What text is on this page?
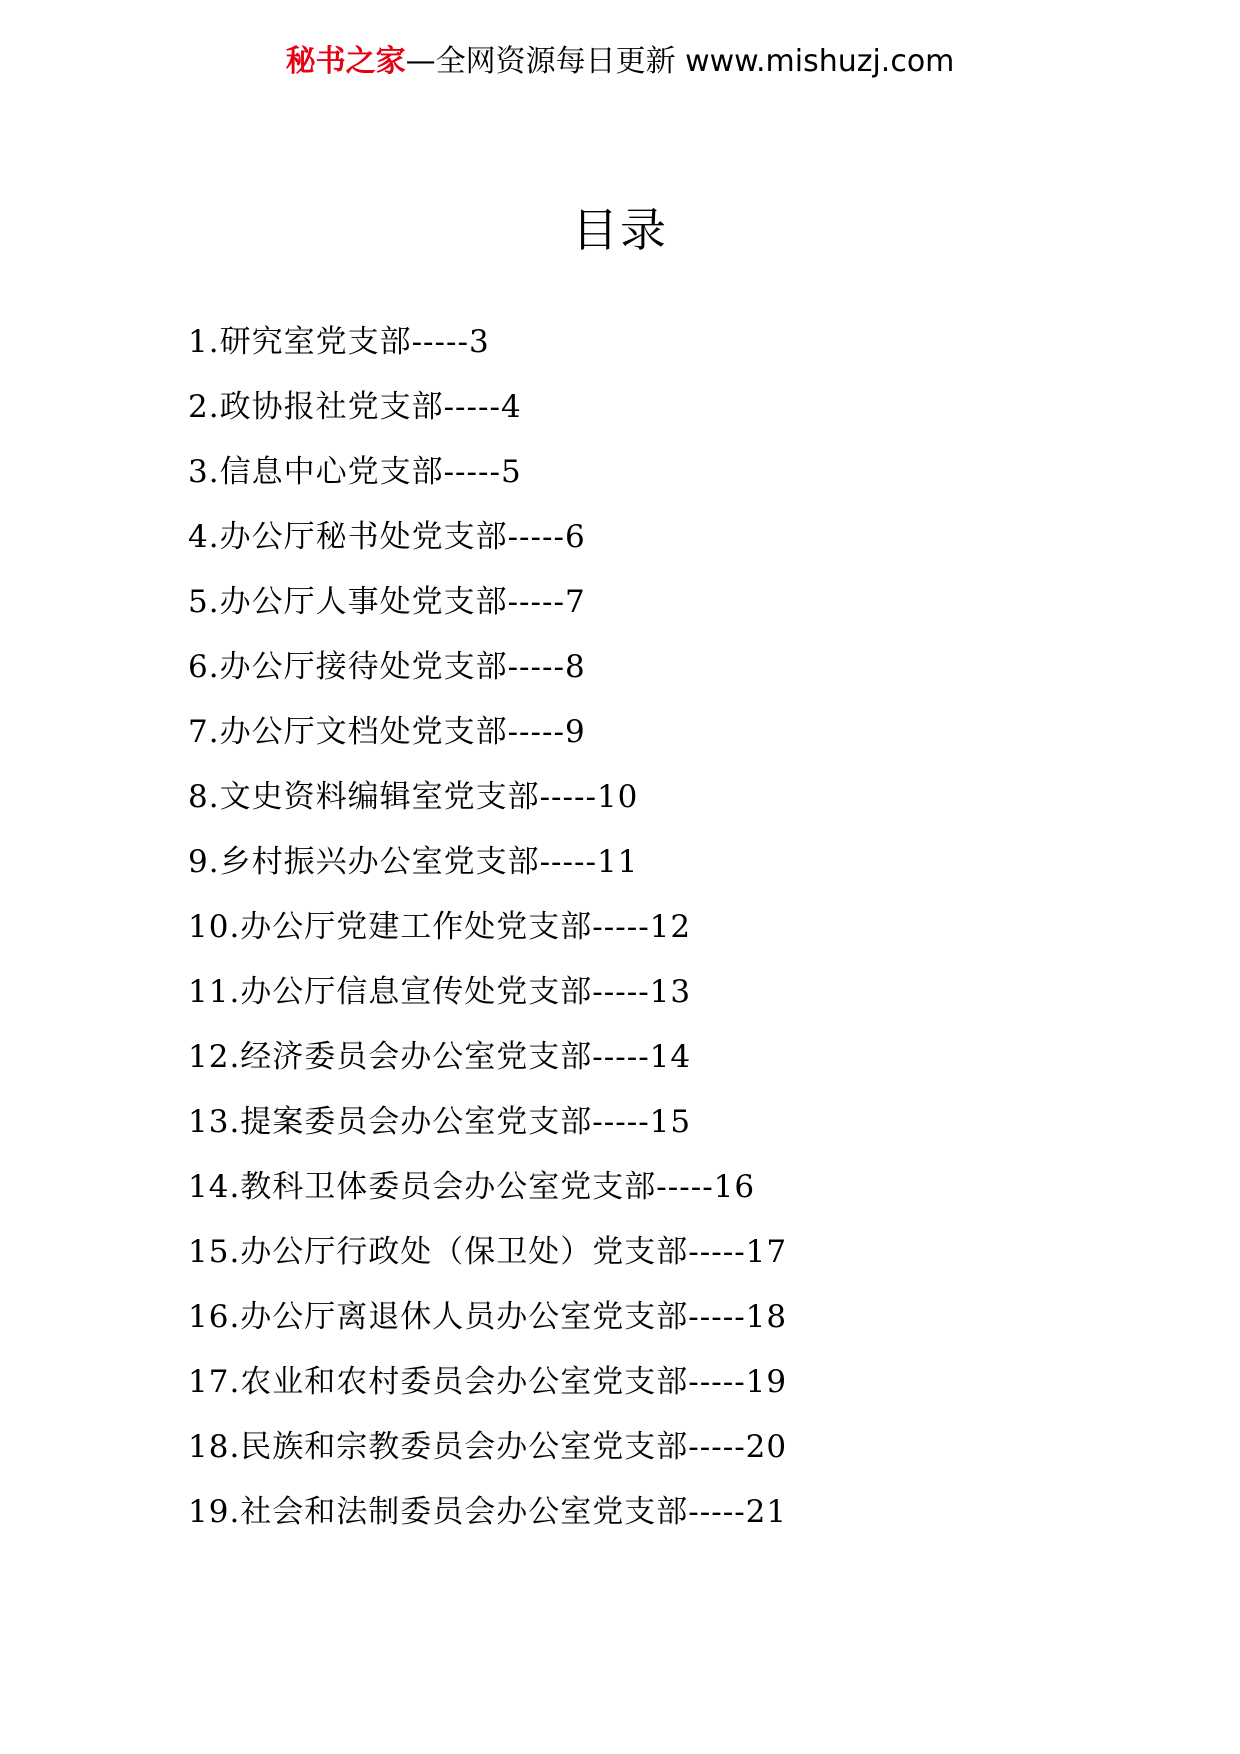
秘书之家—全网资源每日更新 www.mishuzj.com
目录
1.研究室党支部-----3
2.政协报社党支部-----4
3.信息中心党支部-----5
4.办公厅秘书处党支部-----6
5.办公厅人事处党支部-----7
6.办公厅接待处党支部-----8
7.办公厅文档处党支部-----9
8.文史资料编辑室党支部-----10
9.乡村振兴办公室党支部-----11
10.办公厅党建工作处党支部-----12
11.办公厅信息宣传处党支部-----13
12.经济委员会办公室党支部-----14
13.提案委员会办公室党支部-----15
14.教科卫体委员会办公室党支部-----16
15.办公厅行政处（保卫处）党支部-----17
16.办公厅离退休人员办公室党支部-----18
17.农业和农村委员会办公室党支部-----19
18.民族和宗教委员会办公室党支部-----20
19.社会和法制委员会办公室党支部-----21
